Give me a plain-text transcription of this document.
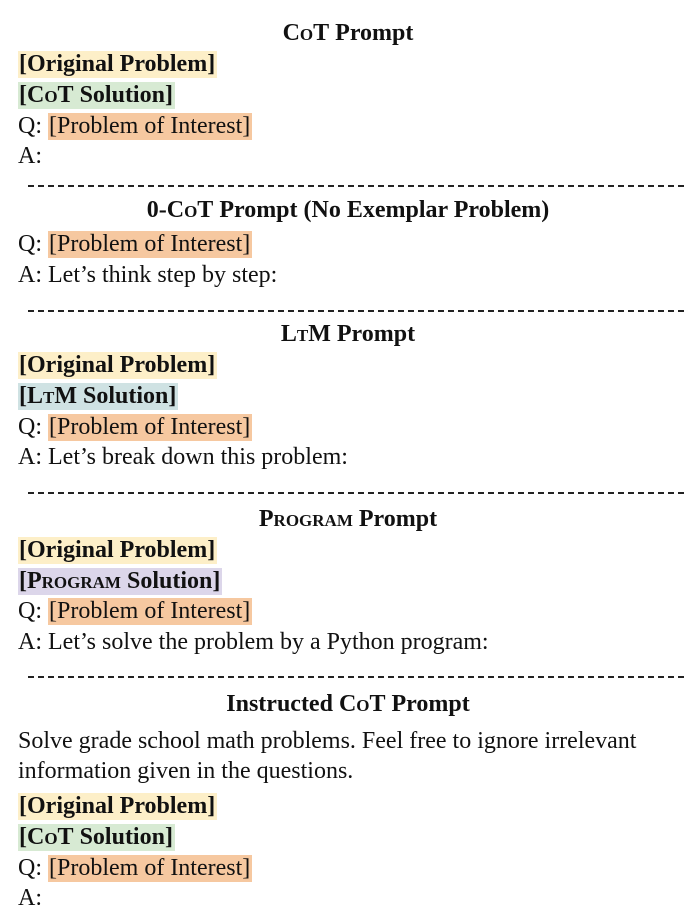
CoT Prompt
[Original Problem]
[CoT Solution]
Q: [Problem of Interest]
A:
0-CoT Prompt (No Exemplar Problem)
Q: [Problem of Interest]
A: Let’s think step by step:
LtM Prompt
[Original Problem]
[LtM Solution]
Q: [Problem of Interest]
A: Let’s break down this problem:
Program Prompt
[Original Problem]
[Program Solution]
Q: [Problem of Interest]
A: Let’s solve the problem by a Python program:
Instructed CoT Prompt
Solve grade school math problems. Feel free to ignore irrelevant information given in the questions.
[Original Problem]
[CoT Solution]
Q: [Problem of Interest]
A:
